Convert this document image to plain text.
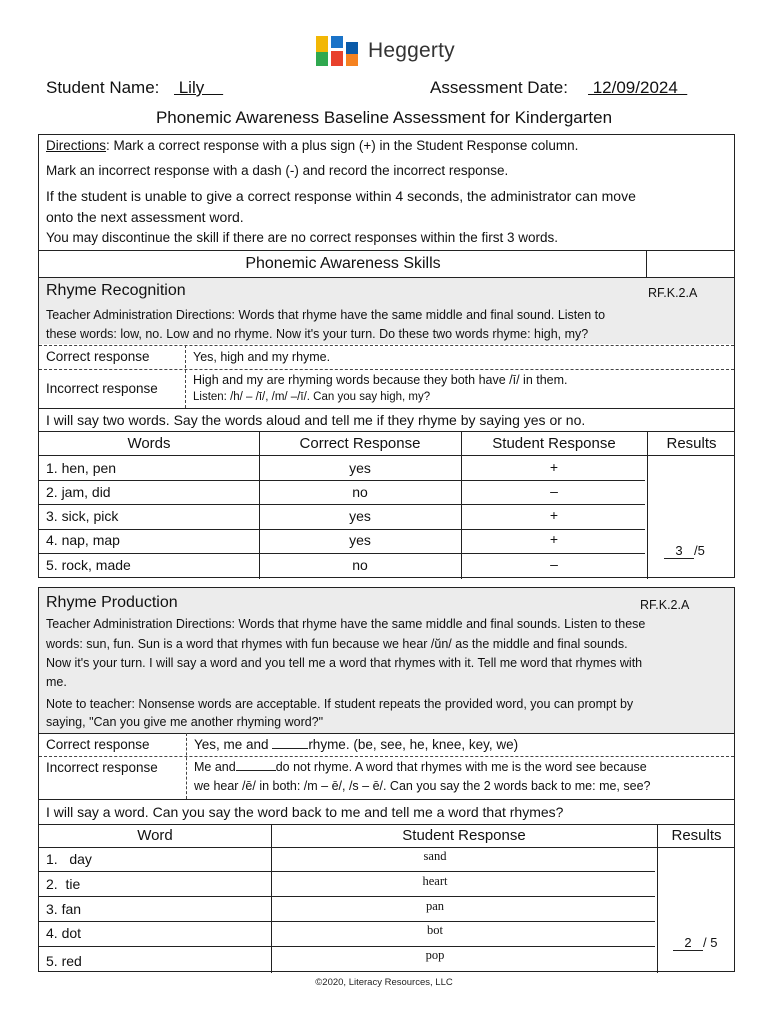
Heggerty
Student Name: Lily	Assessment Date: 12/09/2024
Phonemic Awareness Baseline Assessment for Kindergarten
Directions: Mark a correct response with a plus sign (+) in the Student Response column.
Mark an incorrect response with a dash (-) and record the incorrect response.
If the student is unable to give a correct response within 4 seconds, the administrator can move
onto the next assessment word.
You may discontinue the skill if there are no correct responses within the first 3 words.
Phonemic Awareness Skills
Rhyme Recognition	RF.K.2.A
Teacher Administration Directions: Words that rhyme have the same middle and final sound. Listen to
these words: low, no. Low and no rhyme. Now it's your turn. Do these two words rhyme: high, my?
Correct response	Yes, high and my rhyme.
Incorrect response
High and my are rhyming words because they both have /ī/ in them.
Listen: /h/ – /ī/, /m/ –/ī/. Can you say high, my?
I will say two words. Say the words aloud and tell me if they rhyme by saying yes or no.
Words	Correct Response	Student Response	Results
1. hen, pen	yes	+
2. jam, did	no	–
3. sick, pick	yes	+
4. nap, map	yes	+
5. rock, made	no	–
3 /5
Rhyme Production	RF.K.2.A
Teacher Administration Directions: Words that rhyme have the same middle and final sounds. Listen to these
words: sun, fun. Sun is a word that rhymes with fun because we hear /ŭn/ as the middle and final sounds.
Now it's your turn. I will say a word and you tell me a word that rhymes with it. Tell me word that rhymes with
me.
Note to teacher: Nonsense words are acceptable. If student repeats the provided word, you can prompt by
saying, "Can you give me another rhyming word?"
Correct response	Yes, me and	rhyme. (be, see, he, knee, key, we)
Incorrect response	Me and	do not rhyme. A word that rhymes with me is the word see because
we hear /ē/ in both: /m – ē/, /s – ē/. Can you say the 2 words back to me: me, see?
I will say a word. Can you say the word back to me and tell me a word that rhymes?
Word	Student Response	Results
1.   day	sand
2.  tie	heart
3. fan	pan
4. dot	bot
5. red	pop
2 / 5
©2020, Literacy Resources, LLC
